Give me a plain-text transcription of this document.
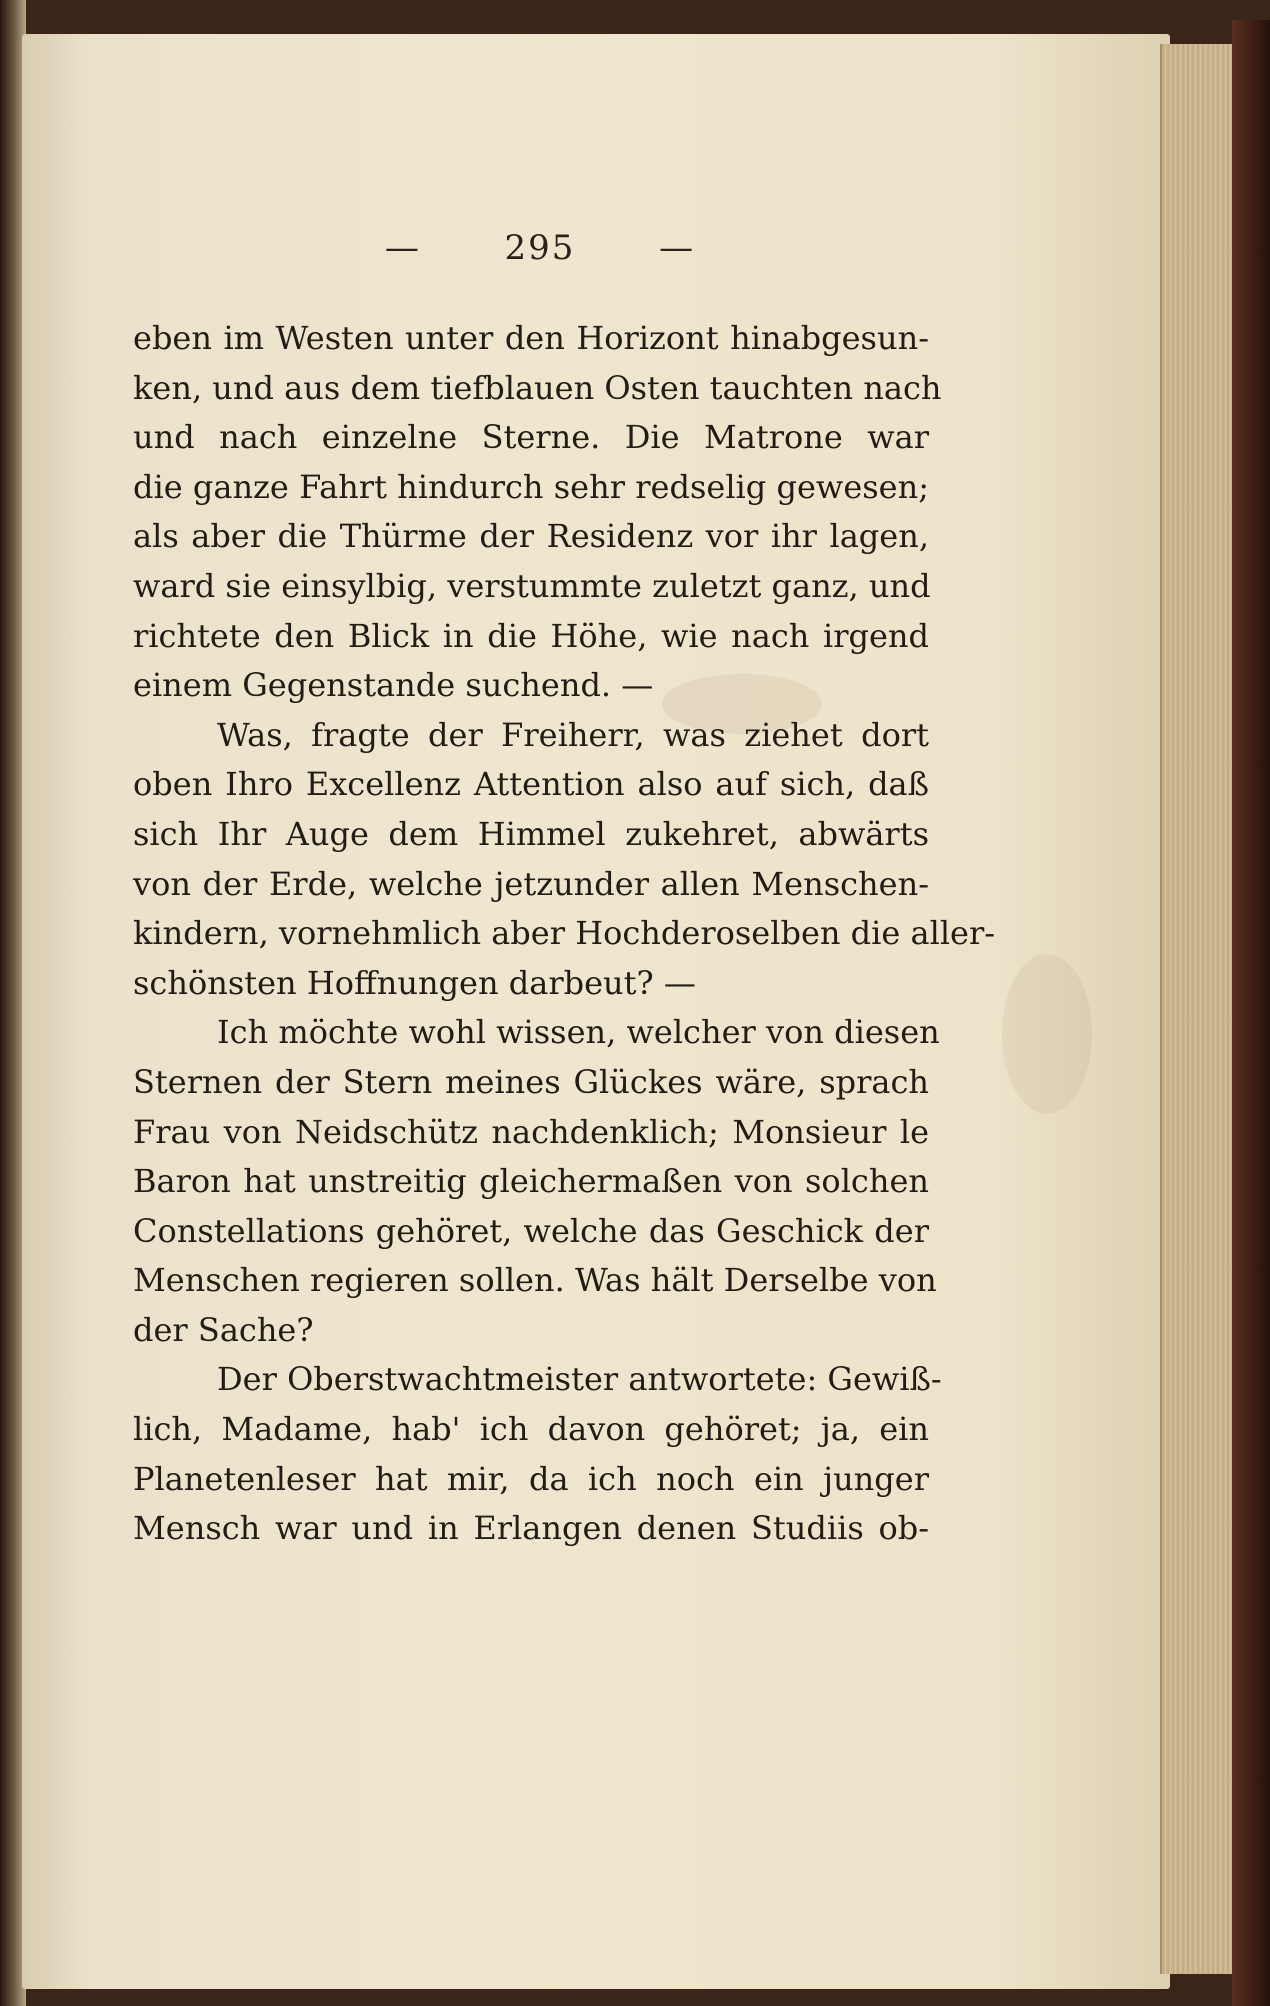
— 295 —
eben im Westen unter den Horizont hinabgesun-
ken, und aus dem tiefblauen Osten tauchten nach
und nach einzelne Sterne. Die Matrone war
die ganze Fahrt hindurch sehr redselig gewesen;
als aber die Thürme der Residenz vor ihr lagen,
ward sie einsylbig, verstummte zuletzt ganz, und
richtete den Blick in die Höhe, wie nach irgend
einem Gegenstande suchend. —
Was, fragte der Freiherr, was ziehet dort
oben Ihro Excellenz Attention also auf sich, daß
sich Ihr Auge dem Himmel zukehret, abwärts
von der Erde, welche jetzunder allen Menschen-
kindern, vornehmlich aber Hochderoselben die aller-
schönsten Hoffnungen darbeut? —
Ich möchte wohl wissen, welcher von diesen
Sternen der Stern meines Glückes wäre, sprach
Frau von Neidschütz nachdenklich; Monsieur le
Baron hat unstreitig gleichermaßen von solchen
Constellations gehöret, welche das Geschick der
Menschen regieren sollen. Was hält Derselbe von
der Sache?
Der Oberstwachtmeister antwortete: Gewiß-
lich, Madame, hab' ich davon gehöret; ja, ein
Planetenleser hat mir, da ich noch ein junger
Mensch war und in Erlangen denen Studiis ob-
